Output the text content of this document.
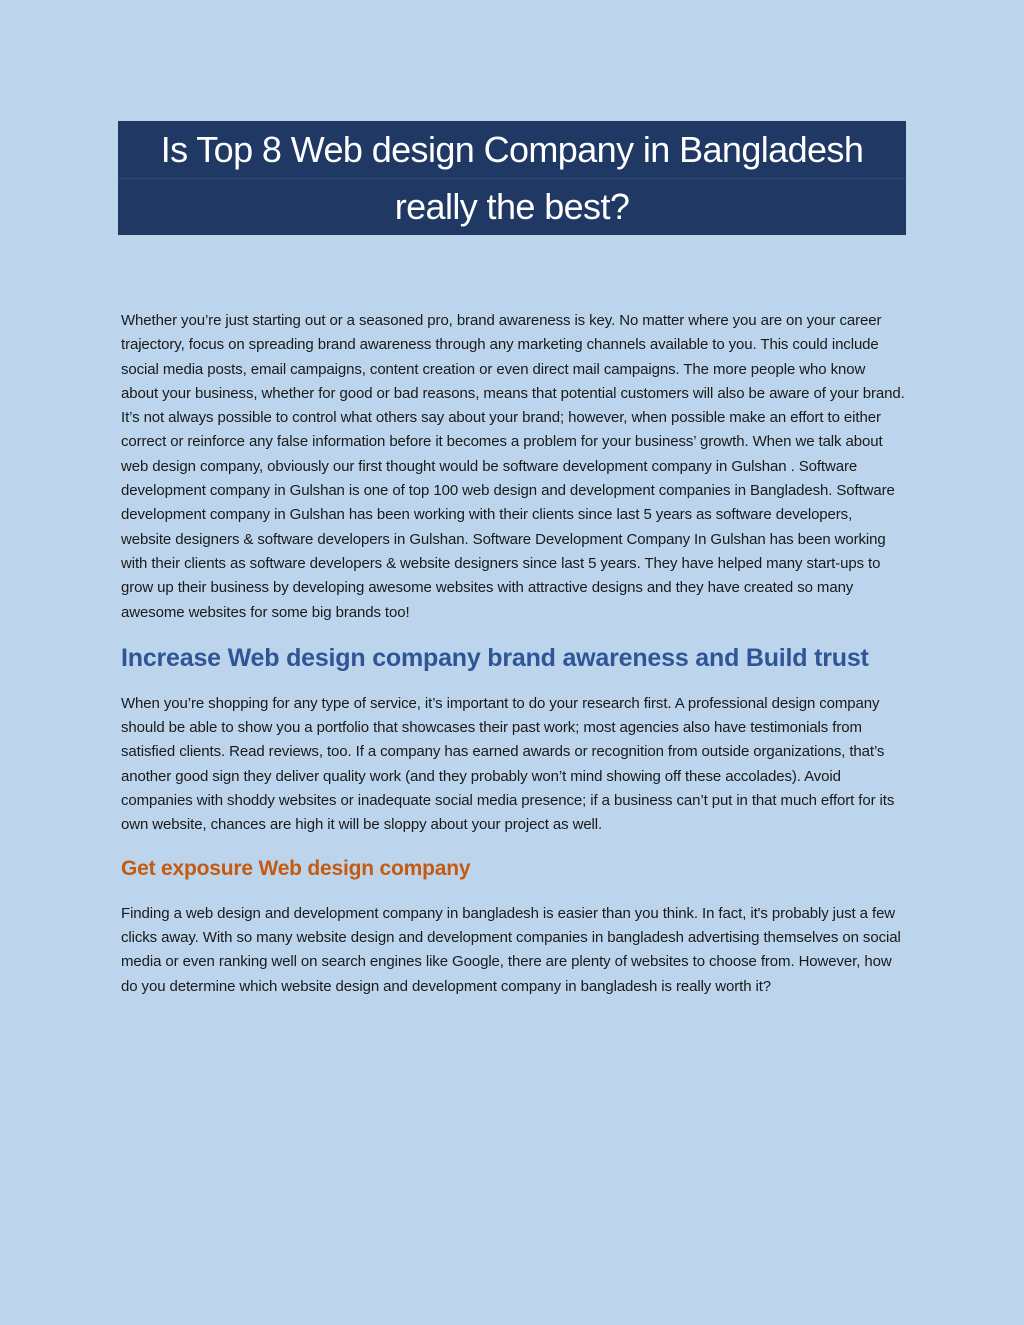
Is Top 8 Web design Company in Bangladesh
really the best?

Whether you’re just starting out or a seasoned pro, brand awareness is key. No matter where you are on your career trajectory, focus on spreading brand awareness through any marketing channels available to you. This could include social media posts, email campaigns, content creation or even direct mail campaigns. The more people who know about your business, whether for good or bad reasons, means that potential customers will also be aware of your brand. It’s not always possible to control what others say about your brand; however, when possible make an effort to either correct or reinforce any false information before it becomes a problem for your business’ growth. When we talk about web design company, obviously our first thought would be software development company in Gulshan . Software development company in Gulshan is one of top 100 web design and development companies in Bangladesh. Software development company in Gulshan has been working with their clients since last 5 years as software developers, website designers & software developers in Gulshan. Software Development Company In Gulshan has been working with their clients as software developers & website designers since last 5 years. They have helped many start-ups to grow up their business by developing awesome websites with attractive designs and they have created so many awesome websites for some big brands too!

Increase Web design company brand awareness and Build trust

When you’re shopping for any type of service, it’s important to do your research first. A professional design company should be able to show you a portfolio that showcases their past work; most agencies also have testimonials from satisfied clients. Read reviews, too. If a company has earned awards or recognition from outside organizations, that’s another good sign they deliver quality work (and they probably won’t mind showing off these accolades). Avoid companies with shoddy websites or inadequate social media presence; if a business can’t put in that much effort for its own website, chances are high it will be sloppy about your project as well.

Get exposure Web design company

Finding a web design and development company in bangladesh is easier than you think. In fact, it's probably just a few clicks away. With so many website design and development companies in bangladesh advertising themselves on social media or even ranking well on search engines like Google, there are plenty of websites to choose from. However, how do you determine which website design and development company in bangladesh is really worth it?
